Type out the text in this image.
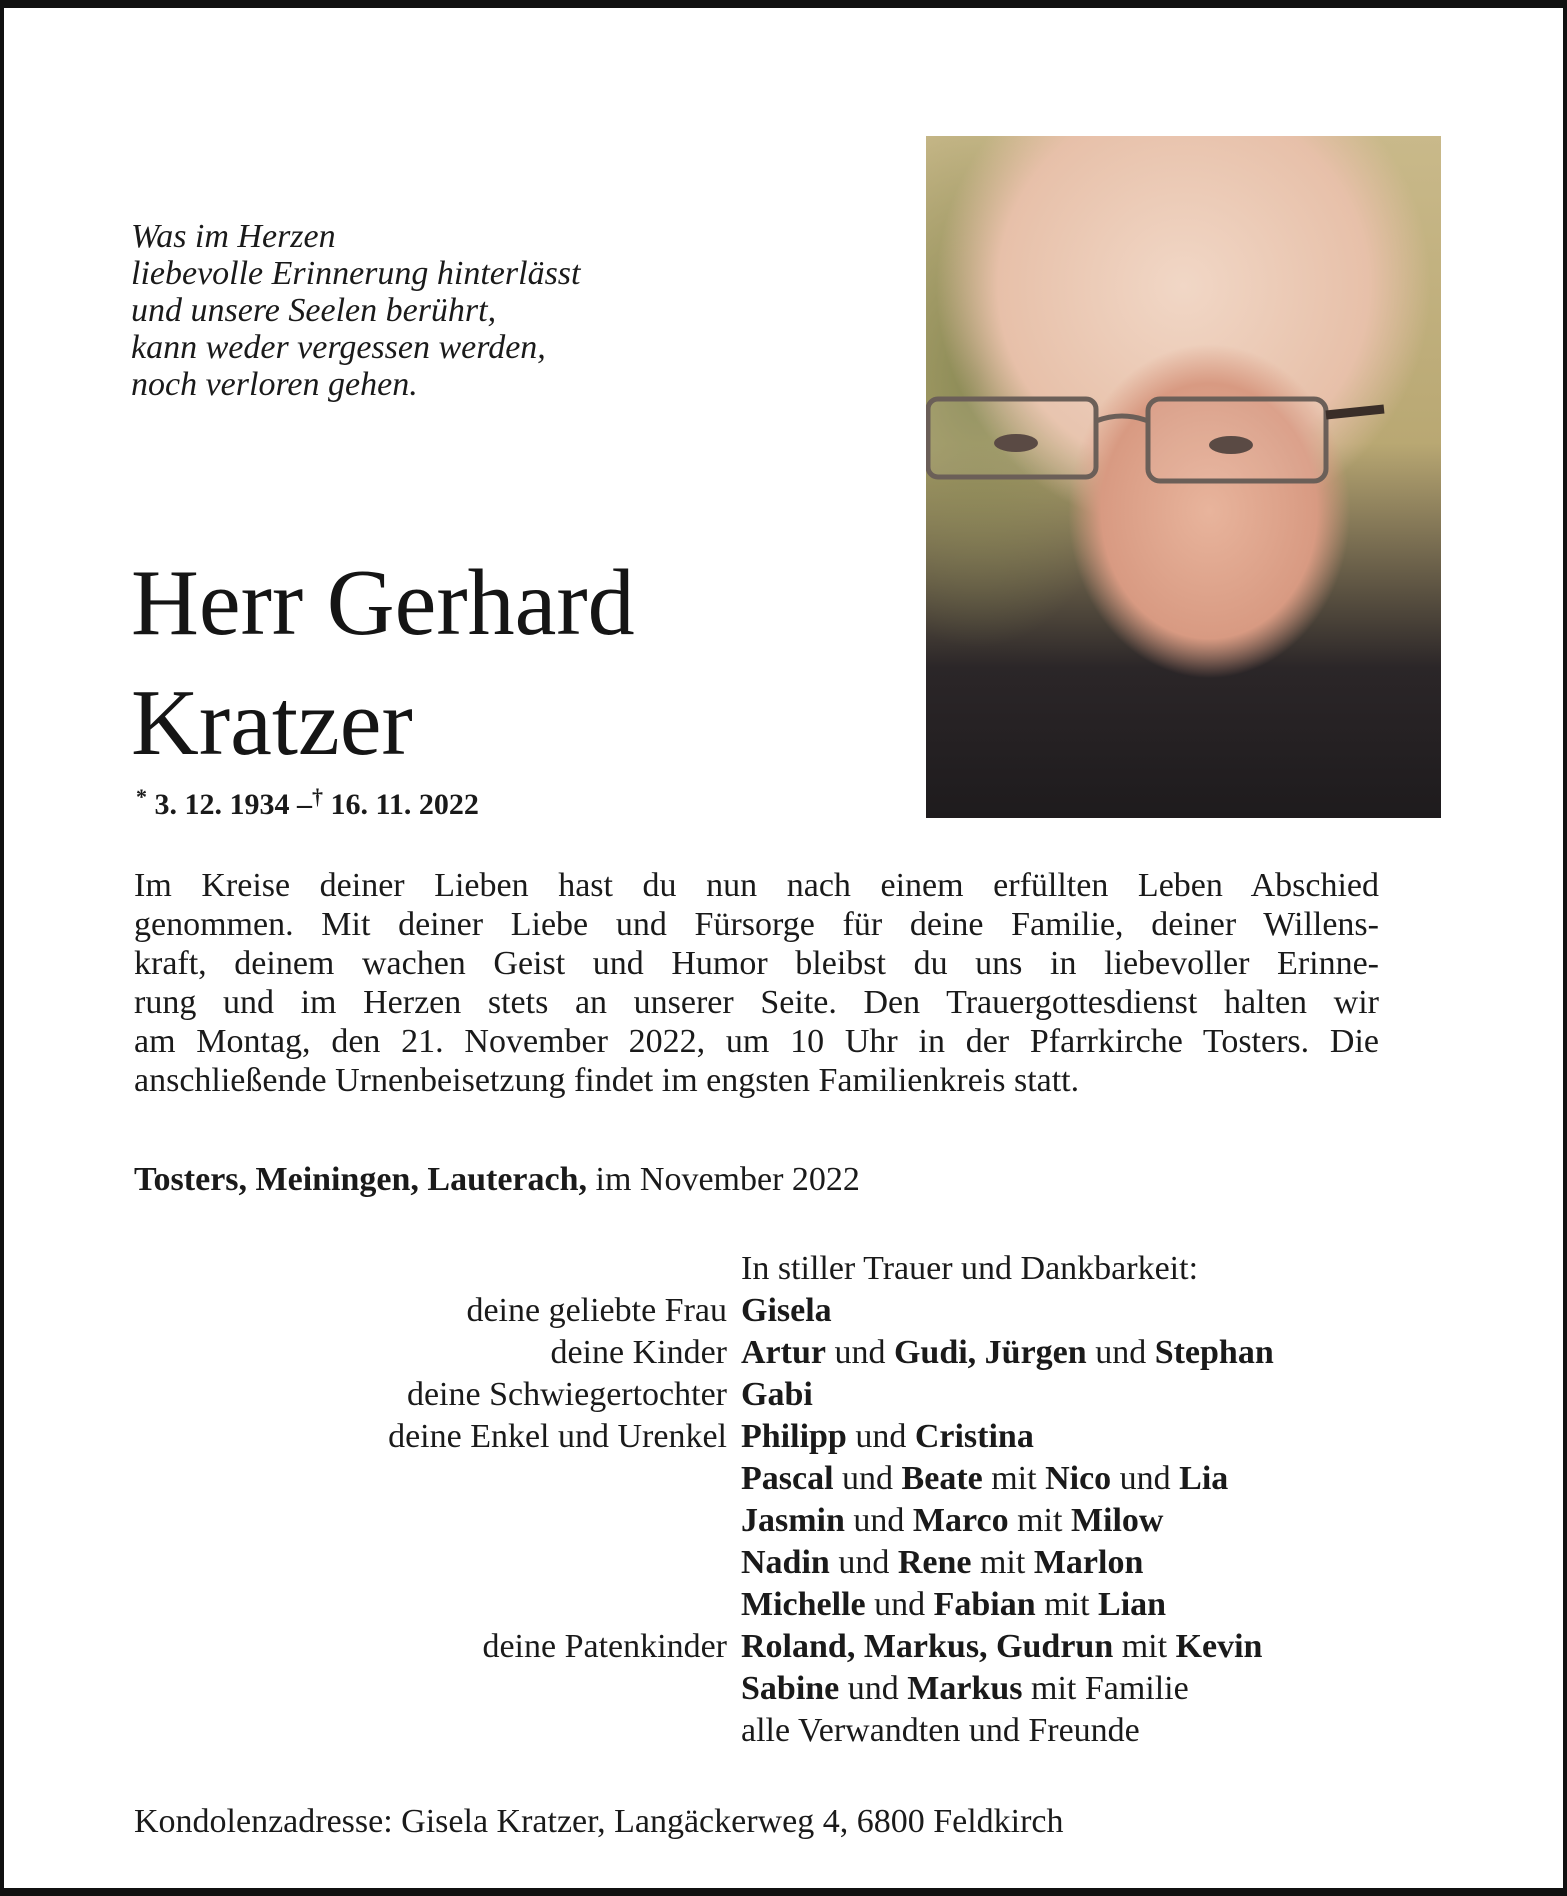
Was im Herzen
liebevolle Erinnerung hinterlässt
und unsere Seelen berührt,
kann weder vergessen werden,
noch verloren gehen.
Herr Gerhard
Kratzer
* 3. 12. 1934 –† 16. 11. 2022
Im Kreise deiner Lieben hast du nun nach einem erfüllten Leben Abschied
genommen. Mit deiner Liebe und Fürsorge für deine Familie, deiner Willens-
kraft, deinem wachen Geist und Humor bleibst du uns in liebevoller Erinne-
rung und im Herzen stets an unserer Seite. Den Trauergottesdienst halten wir
am Montag, den 21. November 2022, um 10 Uhr in der Pfarrkirche Tosters. Die
anschließende Urnenbeisetzung findet im engsten Familienkreis statt.
Tosters, Meiningen, Lauterach, im November 2022
In stiller Trauer und Dankbarkeit:
deine geliebte Frau Gisela
deine Kinder Artur und Gudi, Jürgen und Stephan
deine Schwiegertochter Gabi
deine Enkel und Urenkel Philipp und Cristina
Pascal und Beate mit Nico und Lia
Jasmin und Marco mit Milow
Nadin und Rene mit Marlon
Michelle und Fabian mit Lian
deine Patenkinder Roland, Markus, Gudrun mit Kevin
Sabine und Markus mit Familie
alle Verwandten und Freunde
Kondolenzadresse: Gisela Kratzer, Langäckerweg 4, 6800 Feldkirch
